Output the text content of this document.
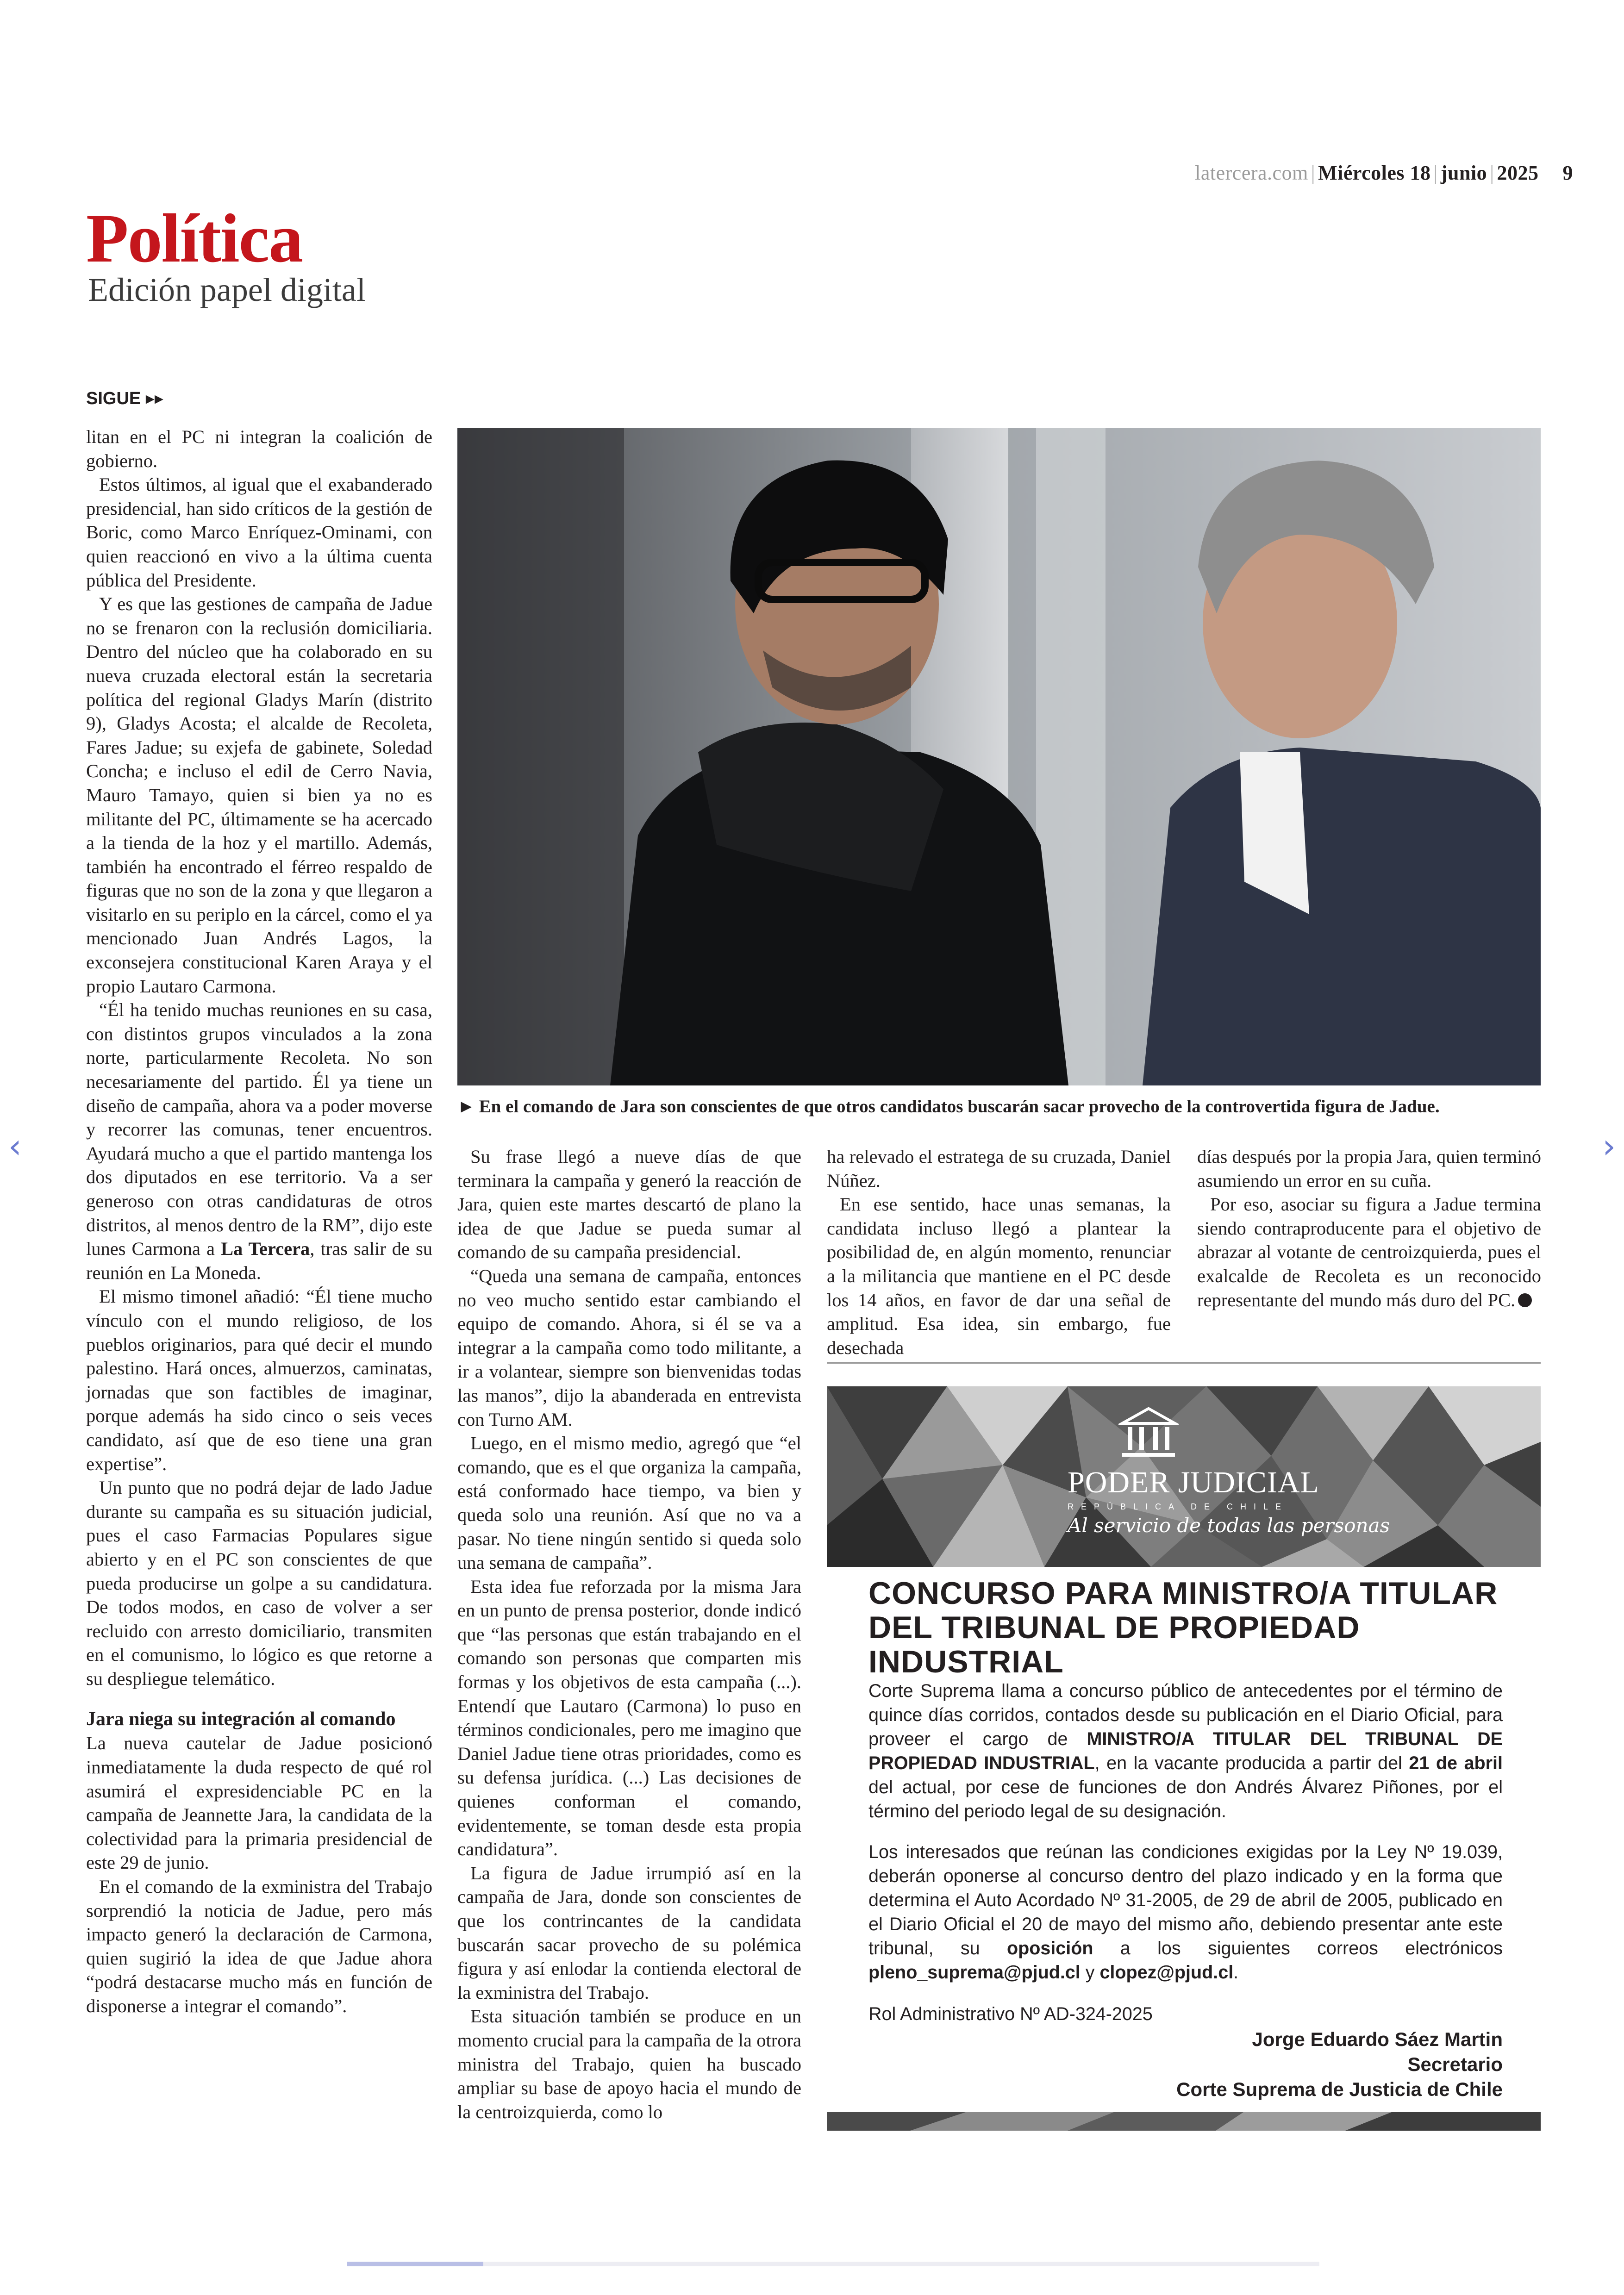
latercera.com | Miércoles 18 | junio | 2025 9
Política
Edición papel digital
SIGUE ▸▸

litan en el PC ni integran la coalición de gobierno.

Estos últimos, al igual que el exabanderado presidencial, han sido críticos de la gestión de Boric, como Marco Enríquez-Ominami, con quien reaccionó en vivo a la última cuenta pública del Presidente.

Y es que las gestiones de campaña de Jadue no se frenaron con la reclusión domiciliaria. Dentro del núcleo que ha colaborado en su nueva cruzada electoral están la secretaria política del regional Gladys Marín (distrito 9), Gladys Acosta; el alcalde de Recoleta, Fares Jadue; su exjefa de gabinete, Soledad Concha; e incluso el edil de Cerro Navia, Mauro Tamayo, quien si bien ya no es militante del PC, últimamente se ha acercado a la tienda de la hoz y el martillo. Además, también ha encontrado el férreo respaldo de figuras que no son de la zona y que llegaron a visitarlo en su periplo en la cárcel, como el ya mencionado Juan Andrés Lagos, la exconsejera constitucional Karen Araya y el propio Lautaro Carmona.

“Él ha tenido muchas reuniones en su casa, con distintos grupos vinculados a la zona norte, particularmente Recoleta. No son necesariamente del partido. Él ya tiene un diseño de campaña, ahora va a poder moverse y recorrer las comunas, tener encuentros. Ayudará mucho a que el partido mantenga los dos diputados en ese territorio. Va a ser generoso con otras candidaturas de otros distritos, al menos dentro de la RM”, dijo este lunes Carmona a La Tercera, tras salir de su reunión en La Moneda.

El mismo timonel añadió: “Él tiene mucho vínculo con el mundo religioso, de los pueblos originarios, para qué decir el mundo palestino. Hará onces, almuerzos, caminatas, jornadas que son factibles de imaginar, porque además ha sido cinco o seis veces candidato, así que de eso tiene una gran expertise”.

Un punto que no podrá dejar de lado Jadue durante su campaña es su situación judicial, pues el caso Farmacias Populares sigue abierto y en el PC son conscientes de que pueda producirse un golpe a su candidatura. De todos modos, en caso de volver a ser recluido con arresto domiciliario, transmiten en el comunismo, lo lógico es que retorne a su despliegue telemático.

Jara niega su integración al comando

La nueva cautelar de Jadue posicionó inmediatamente la duda respecto de qué rol asumirá el expresidenciable PC en la campaña de Jeannette Jara, la candidata de la colectividad para la primaria presidencial de este 29 de junio.

En el comando de la exministra del Trabajo sorprendió la noticia de Jadue, pero más impacto generó la declaración de Carmona, quien sugirió la idea de que Jadue ahora “podrá destacarse mucho más en función de disponerse a integrar el comando”.

► En el comando de Jara son conscientes de que otros candidatos buscarán sacar provecho de la controvertida figura de Jadue.

Su frase llegó a nueve días de que terminara la campaña y generó la reacción de Jara, quien este martes descartó de plano la idea de que Jadue se pueda sumar al comando de su campaña presidencial.

“Queda una semana de campaña, entonces no veo mucho sentido estar cambiando el equipo de comando. Ahora, si él se va a integrar a la campaña como todo militante, a ir a volantear, siempre son bienvenidas todas las manos”, dijo la abanderada en entrevista con Turno AM.

Luego, en el mismo medio, agregó que “el comando, que es el que organiza la campaña, está conformado hace tiempo, va bien y queda solo una reunión. Así que no va a pasar. No tiene ningún sentido si queda solo una semana de campaña”.

Esta idea fue reforzada por la misma Jara en un punto de prensa posterior, donde indicó que “las personas que están trabajando en el comando son personas que comparten mis formas y los objetivos de esta campaña (...). Entendí que Lautaro (Carmona) lo puso en términos condicionales, pero me imagino que Daniel Jadue tiene otras prioridades, como es su defensa jurídica. (...) Las decisiones de quienes conforman el comando, evidentemente, se toman desde esta propia candidatura”.

La figura de Jadue irrumpió así en la campaña de Jara, donde son conscientes de que los contrincantes de la candidata buscarán sacar provecho de su polémica figura y así enlodar la contienda electoral de la exministra del Trabajo.

Esta situación también se produce en un momento crucial para la campaña de la otrora ministra del Trabajo, quien ha buscado ampliar su base de apoyo hacia el mundo de la centroizquierda, como lo

ha relevado el estratega de su cruzada, Daniel Núñez.

En ese sentido, hace unas semanas, la candidata incluso llegó a plantear la posibilidad de, en algún momento, renunciar a la militancia que mantiene en el PC desde los 14 años, en favor de dar una señal de amplitud. Esa idea, sin embargo, fue desechada

días después por la propia Jara, quien terminó asumiendo un error en su cuña.

Por eso, asociar su figura a Jadue termina siendo contraproducente para el objetivo de abrazar al votante de centroizquierda, pues el exalcalde de Recoleta es un reconocido representante del mundo más duro del PC.

PODER JUDICIAL
REPÚBLICA DE CHILE
Al servicio de todas las personas
CONCURSO PARA MINISTRO/A TITULAR
DEL TRIBUNAL DE PROPIEDAD INDUSTRIAL

Corte Suprema llama a concurso público de antecedentes por el término de quince días corridos, contados desde su publicación en el Diario Oficial, para proveer el cargo de MINISTRO/A TITULAR DEL TRIBUNAL DE PROPIEDAD INDUSTRIAL, en la vacante producida a partir del 21 de abril del actual, por cese de funciones de don Andrés Álvarez Piñones, por el término del periodo legal de su designación.

Los interesados que reúnan las condiciones exigidas por la Ley Nº 19.039, deberán oponerse al concurso dentro del plazo indicado y en la forma que determina el Auto Acordado Nº 31-2005, de 29 de abril de 2005, publicado en el Diario Oficial el 20 de mayo del mismo año, debiendo presentar ante este tribunal, su oposición a los siguientes correos electrónicos pleno_suprema@pjud.cl y clopez@pjud.cl.

Rol Administrativo Nº AD-324-2025
Jorge Eduardo Sáez Martin
Secretario
Corte Suprema de Justicia de Chile
‹	›
